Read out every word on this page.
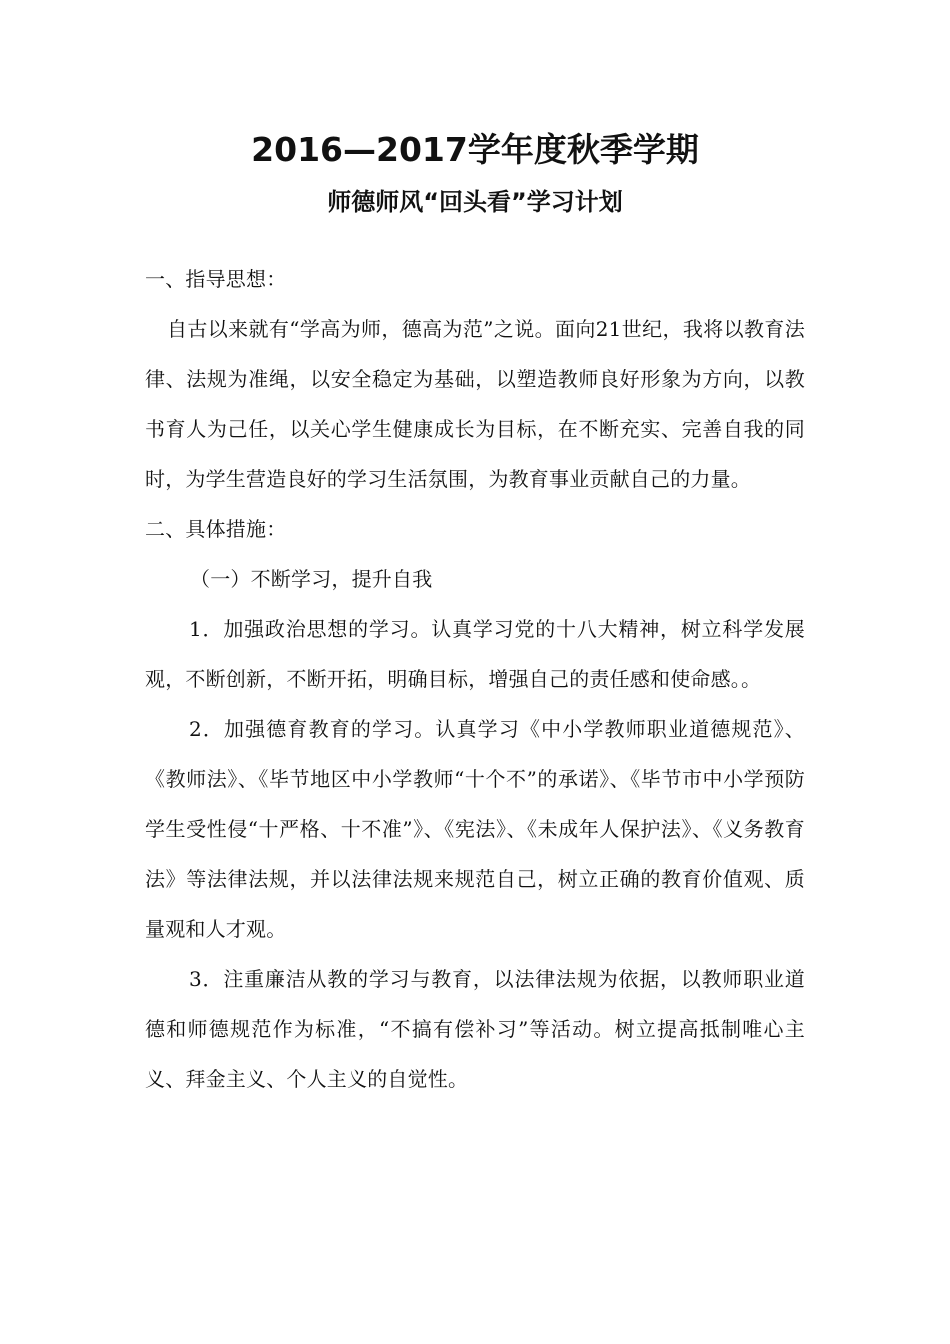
2016—2017学年度秋季学期
师德师风“回头看”学习计划

一、指导思想：

自古以来就有“学高为师，德高为范”之说。面向21世纪，我将以教育法律、法规为准绳，以安全稳定为基础，以塑造教师良好形象为方向，以教书育人为己任，以关心学生健康成长为目标，在不断充实、完善自我的同时，为学生营造良好的学习生活氛围，为教育事业贡献自己的力量。

二、具体措施：

（一）不断学习，提升自我

1．加强政治思想的学习。认真学习党的十八大精神，树立科学发展观，不断创新，不断开拓，明确目标，增强自己的责任感和使命感。。

2．加强德育教育的学习。认真学习《中小学教师职业道德规范》、《教师法》、《毕节地区中小学教师“十个不”的承诺》、《毕节市中小学预防学生受性侵“十严格、十不准”》、《宪法》、《未成年人保护法》、《义务教育法》等法律法规，并以法律法规来规范自己，树立正确的教育价值观、质量观和人才观。

3．注重廉洁从教的学习与教育，以法律法规为依据，以教师职业道德和师德规范作为标准，“不搞有偿补习”等活动。树立提高抵制唯心主义、拜金主义、个人主义的自觉性。
